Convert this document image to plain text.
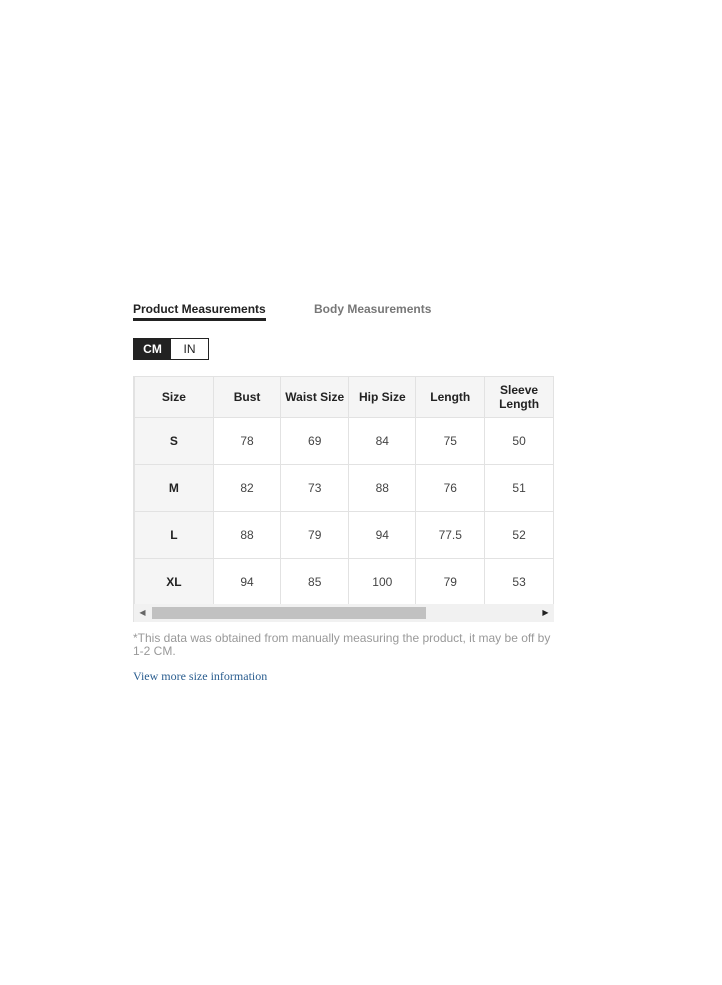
Product Measurements	Body Measurements
CM	IN
Size	Bust	Waist Size	Hip Size	Length	Sleeve Length
S	78	69	84	75	50
M	82	73	88	76	51
L	88	79	94	77.5	52
XL	94	85	100	79	53
◀	▶
*This data was obtained from manually measuring the product, it may be off by 1-2 CM.
View more size information
